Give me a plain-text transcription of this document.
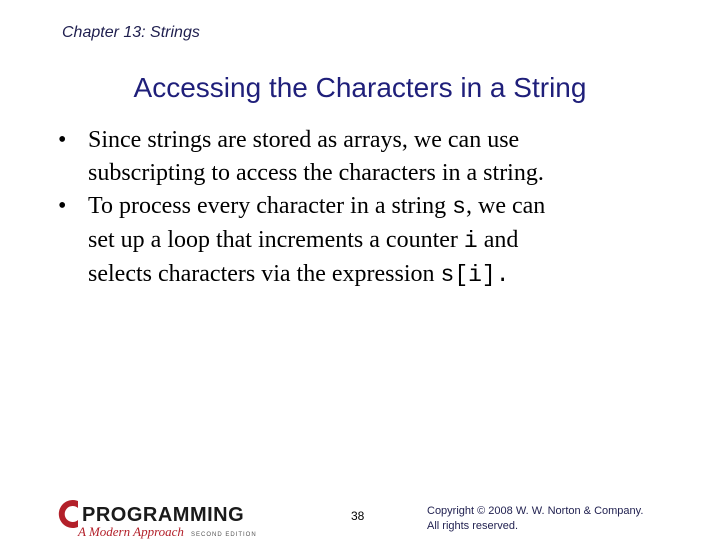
Chapter 13: Strings
Accessing the Characters in a String
• Since strings are stored as arrays, we can use
subscripting to access the characters in a string.
• To process every character in a string s, we can
set up a loop that increments a counter i and
selects characters via the expression s[i].
PROGRAMMING
A Modern Approach SECOND EDITION
38	Copyright © 2008 W. W. Norton & Company.
All rights reserved.
